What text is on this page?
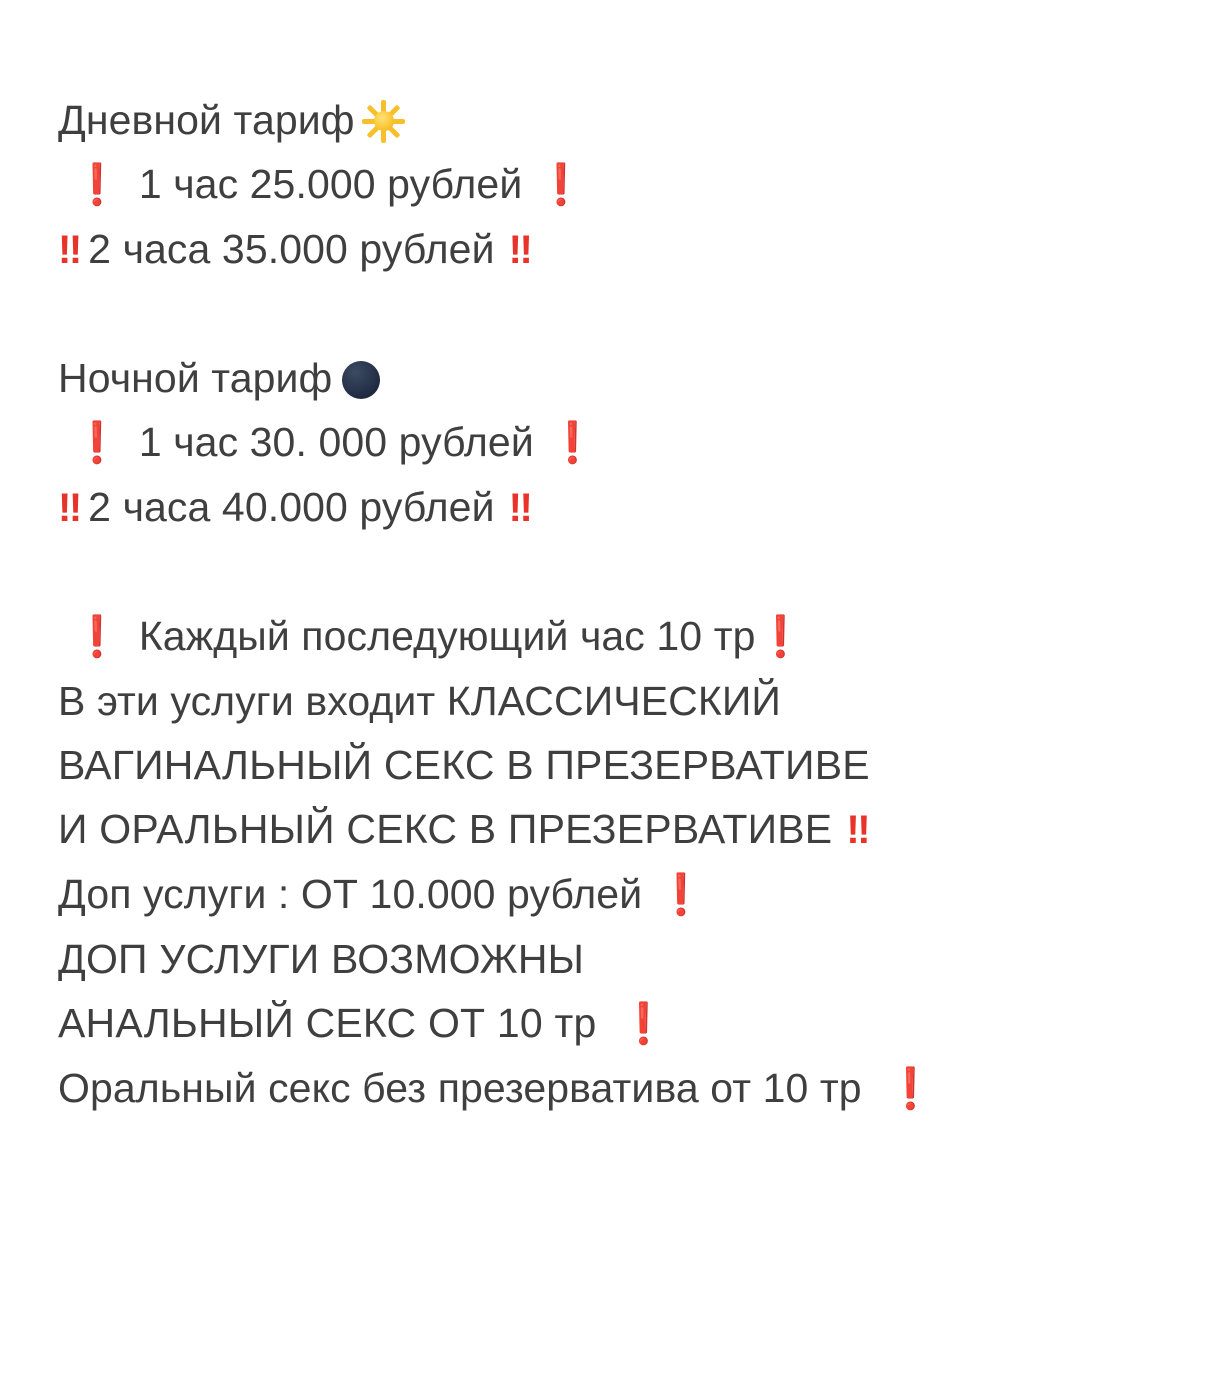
Дневной тариф
❗ 1 час 25.000 рублей ❗
‼ 2 часа 35.000 рублей ‼
Ночной тариф
❗ 1 час 30. 000 рублей ❗
‼ 2 часа 40.000 рублей ‼
❗ Каждый последующий час 10 тр❗
В эти услуги входит КЛАССИЧЕСКИЙ
ВАГИНАЛЬНЫЙ СЕКС В ПРЕЗЕРВАТИВЕ
И ОРАЛЬНЫЙ СЕКС В ПРЕЗЕРВАТИВЕ ‼
Доп услуги : ОТ 10.000 рублей ❗
ДОП УСЛУГИ ВОЗМОЖНЫ
АНАЛЬНЫЙ СЕКС ОТ 10 тр ❗
Оральный секс без презерватива от 10 тр ❗
